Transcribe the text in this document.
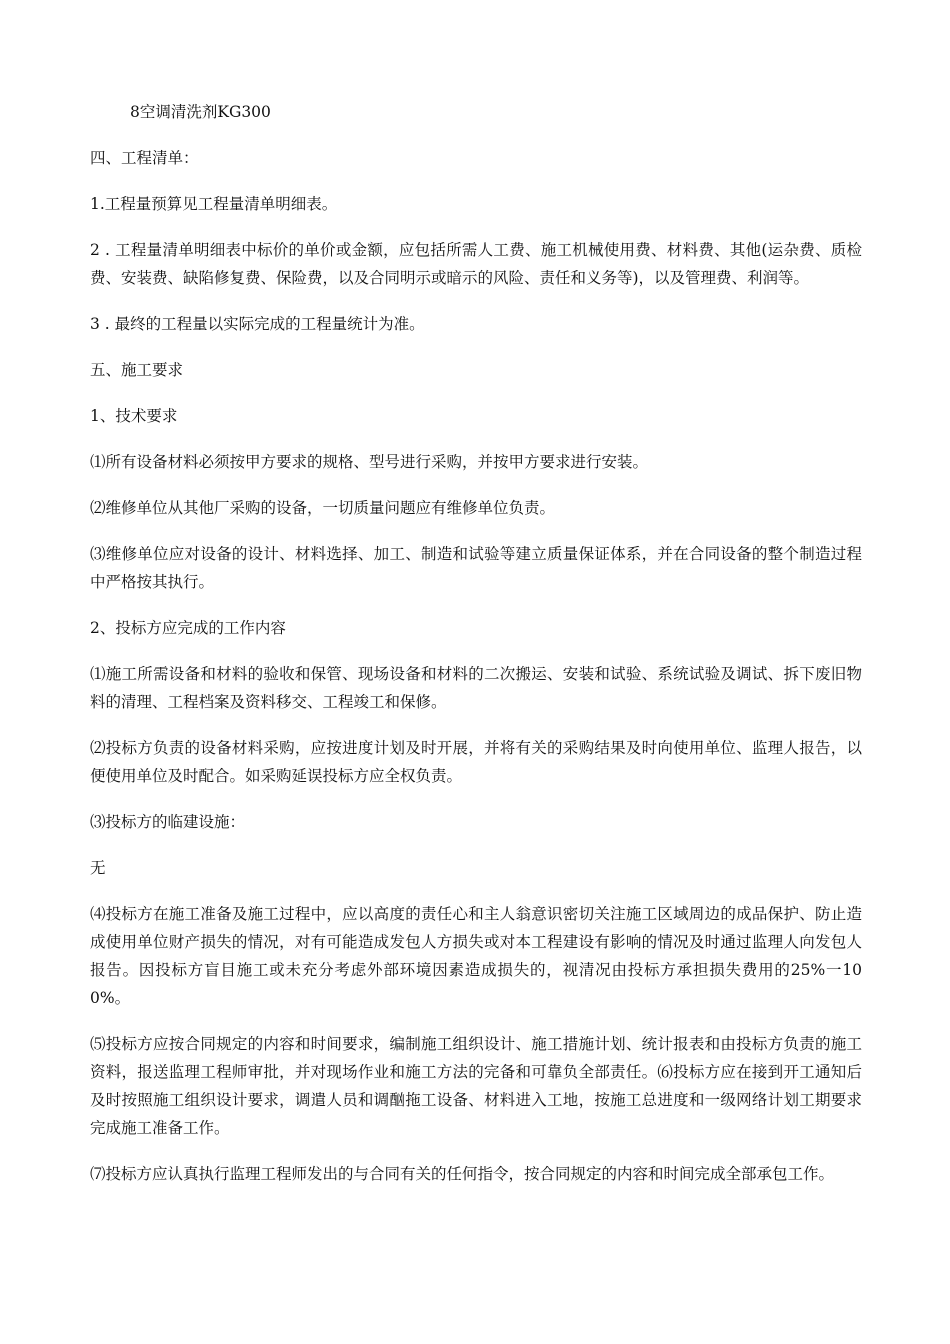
8空调清洗剂KG300

四、工程清单：

1.工程量预算见工程量清单明细表。

2 . 工程量清单明细表中标价的单价或金额，应包括所需人工费、施工机械使用费、材料费、其他(运杂费、质检费、安装费、缺陷修复费、保险费，以及合同明示或暗示的风险、责任和义务等)，以及管理费、利润等。

3 . 最终的工程量以实际完成的工程量统计为准。

五、施工要求

1、技术要求

⑴所有设备材料必须按甲方要求的规格、型号进行采购，并按甲方要求进行安装。

⑵维修单位从其他厂采购的设备，一切质量问题应有维修单位负责。

⑶维修单位应对设备的设计、材料选择、加工、制造和试验等建立质量保证体系，并在合同设备的整个制造过程中严格按其执行。

2、投标方应完成的工作内容

⑴施工所需设备和材料的验收和保管、现场设备和材料的二次搬运、安装和试验、系统试验及调试、拆下废旧物料的清理、工程档案及资料移交、工程竣工和保修。

⑵投标方负责的设备材料采购，应按进度计划及时开展，并将有关的采购结果及时向使用单位、监理人报告，以便使用单位及时配合。如采购延误投标方应全权负责。

⑶投标方的临建设施：

无

⑷投标方在施工准备及施工过程中，应以高度的责任心和主人翁意识密切关注施工区域周边的成品保护、防止造成使用单位财产损失的情况，对有可能造成发包人方损失或对本工程建设有影响的情况及时通过监理人向发包人报告。因投标方盲目施工或未充分考虑外部环境因素造成损失的，视清况由投标方承担损失费用的25%一100%。

⑸投标方应按合同规定的内容和时间要求，编制施工组织设计、施工措施计划、统计报表和由投标方负责的施工资料，报送监理工程师审批，并对现场作业和施工方法的完备和可靠负全部责任。⑹投标方应在接到开工通知后及时按照施工组织设计要求，调遣人员和调酗拖工设备、材料进入工地，按施工总进度和一级网络计划工期要求完成施工准备工作。

⑺投标方应认真执行监理工程师发出的与合同有关的任何指令，按合同规定的内容和时间完成全部承包工作。
